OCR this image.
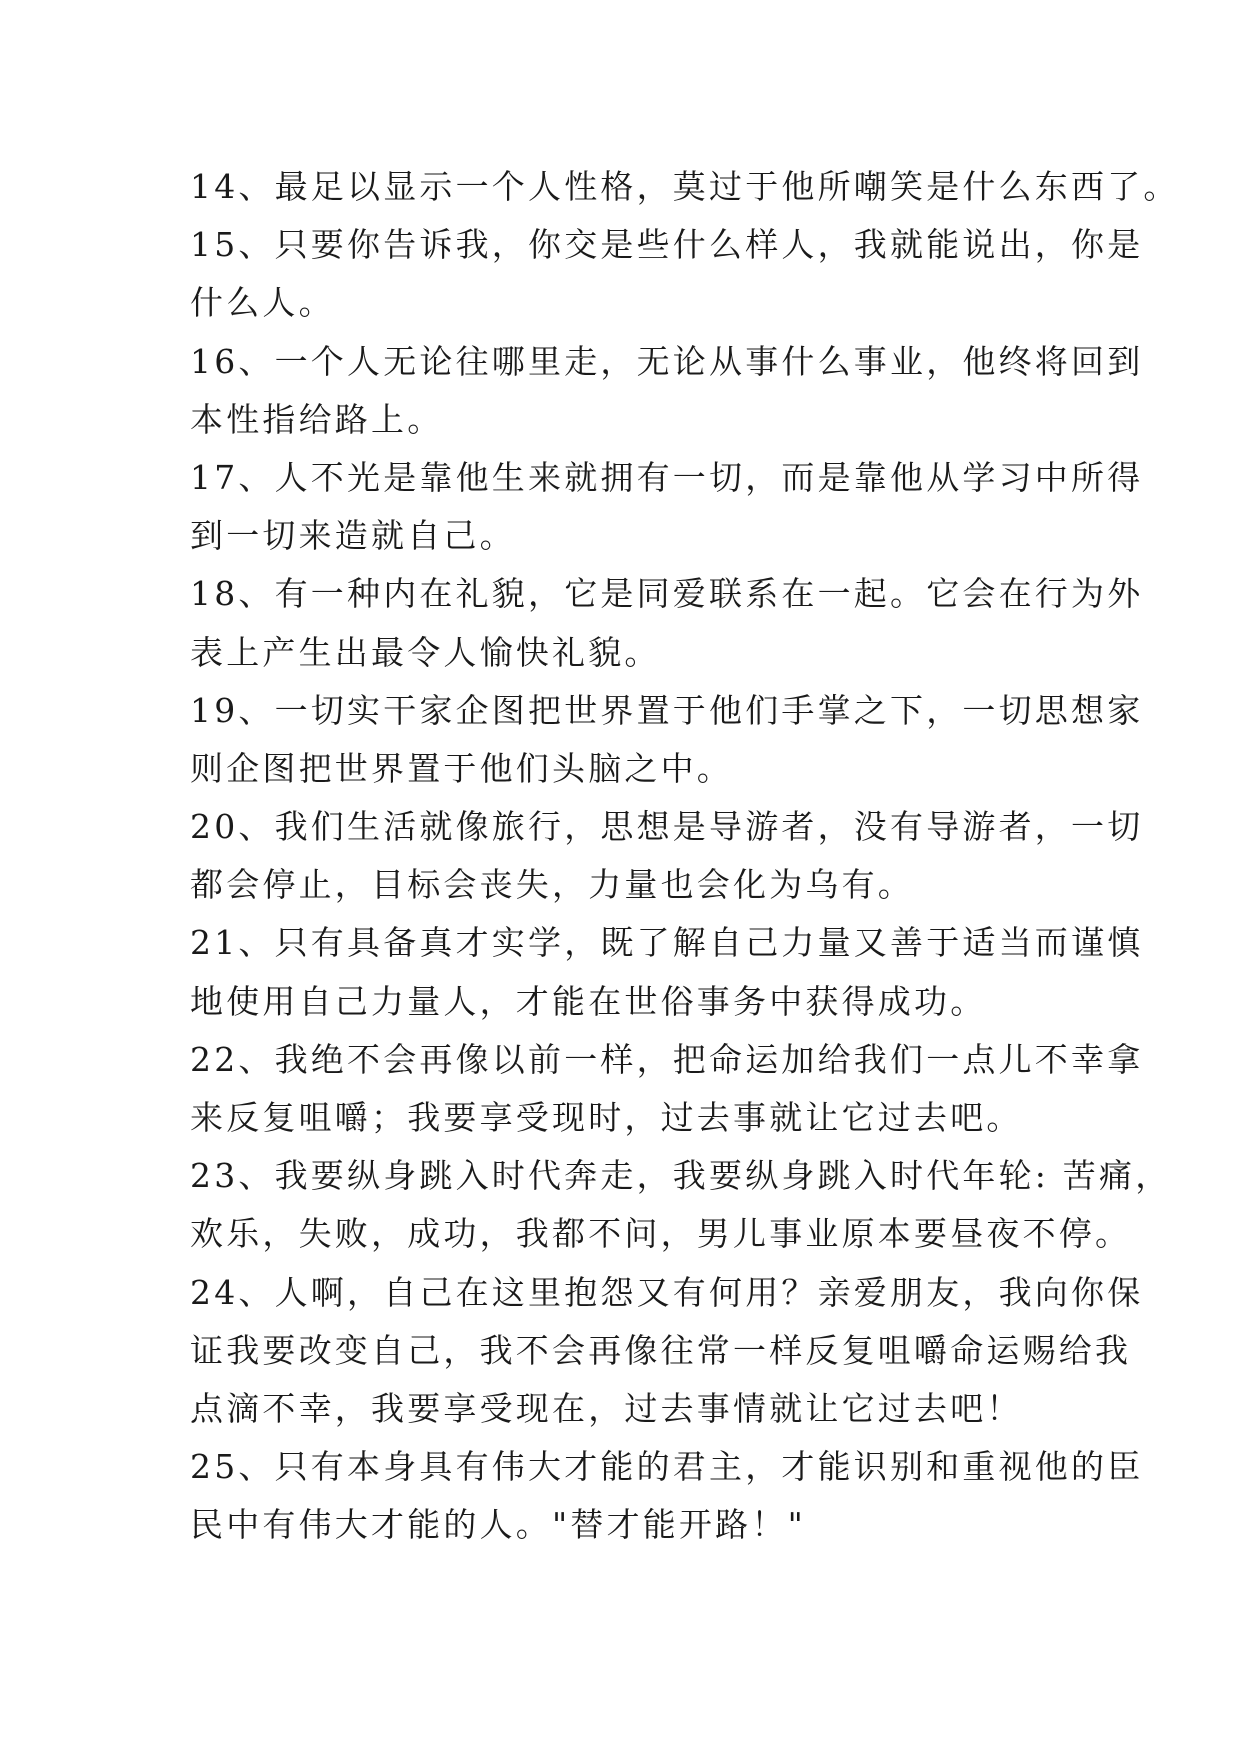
14、最足以显示一个人性格，莫过于他所嘲笑是什么东西了。
15、只要你告诉我，你交是些什么样人，我就能说出，你是
什么人。
16、一个人无论往哪里走，无论从事什么事业，他终将回到
本性指给路上。
17、人不光是靠他生来就拥有一切，而是靠他从学习中所得
到一切来造就自己。
18、有一种内在礼貌，它是同爱联系在一起。它会在行为外
表上产生出最令人愉快礼貌。
19、一切实干家企图把世界置于他们手掌之下，一切思想家
则企图把世界置于他们头脑之中。
20、我们生活就像旅行，思想是导游者，没有导游者，一切
都会停止，目标会丧失，力量也会化为乌有。
21、只有具备真才实学，既了解自己力量又善于适当而谨慎
地使用自己力量人，才能在世俗事务中获得成功。
22、我绝不会再像以前一样，把命运加给我们一点儿不幸拿
来反复咀嚼；我要享受现时，过去事就让它过去吧。
23、我要纵身跳入时代奔走，我要纵身跳入时代年轮: 苦痛，
欢乐，失败，成功，我都不问，男儿事业原本要昼夜不停。
24、人啊，自己在这里抱怨又有何用？亲爱朋友，我向你保
证我要改变自己，我不会再像往常一样反复咀嚼命运赐给我
点滴不幸，我要享受现在，过去事情就让它过去吧！
25、只有本身具有伟大才能的君主，才能识别和重视他的臣
民中有伟大才能的人。"替才能开路！"
